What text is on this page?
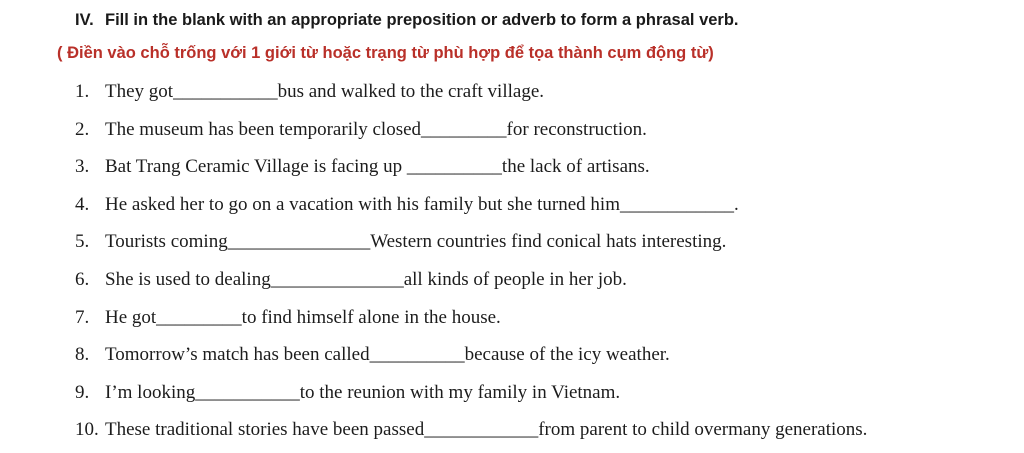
IV. Fill in the blank with an appropriate preposition or adverb to form a phrasal verb.
( Điền vào chỗ trống với 1 giới từ hoặc trạng từ phù hợp để tọa thành cụm động từ)
1. They got___________bus and walked to the craft village.
2. The museum has been temporarily closed_________for reconstruction.
3. Bat Trang Ceramic Village is facing up __________the lack of artisans.
4. He asked her to go on a vacation with his family but she turned him____________.
5. Tourists coming_______________Western countries find conical hats interesting.
6. She is used to dealing______________all kinds of people in her job.
7. He got_________to find himself alone in the house.
8. Tomorrow’s match has been called__________because of the icy weather.
9. I’m looking___________to the reunion with my family in Vietnam.
10. These traditional stories have been passed____________from parent to child overmany generations.
